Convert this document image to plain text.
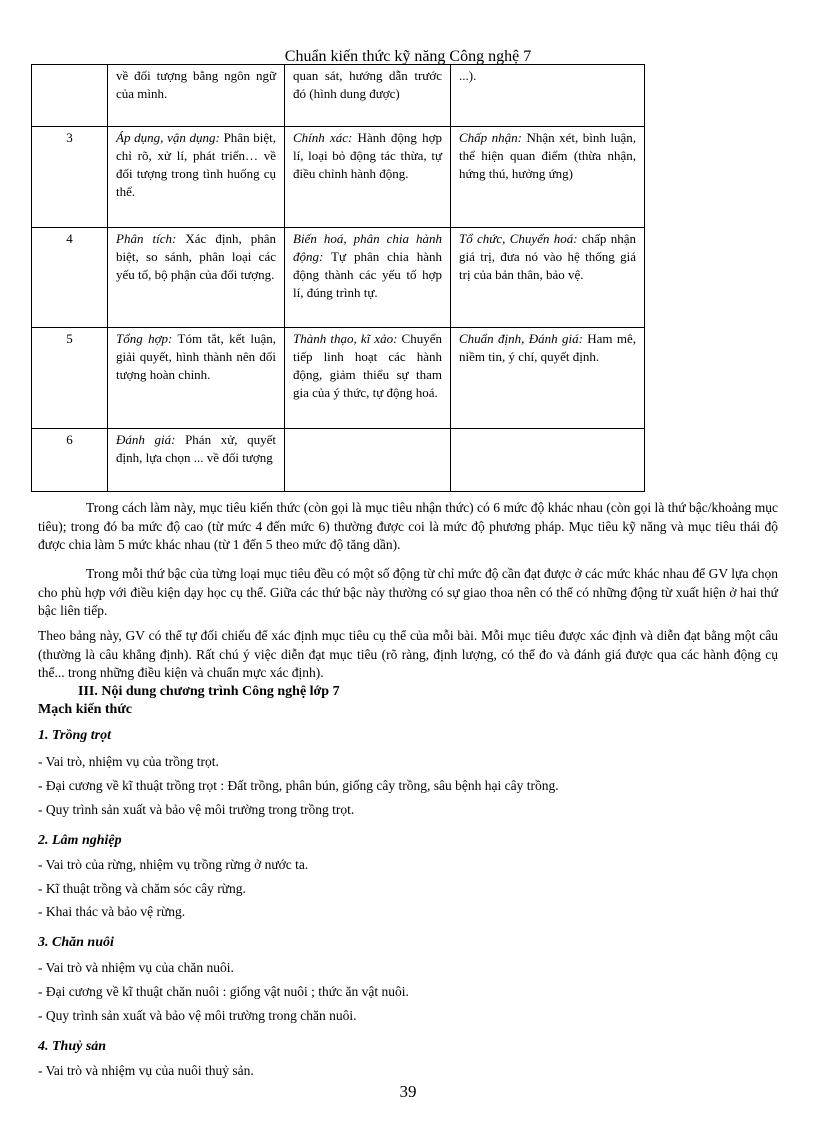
Chuẩn kiến thức kỹ năng Công nghệ 7
	về đối tượng bằng ngôn ngữ của mình.	quan sát, hướng dẫn trước đó (hình dung được)	...).
3	Áp dụng, vận dụng: Phân biệt, chỉ rõ, xử lí, phát triển… về đối tượng trong tình huống cụ thể.	Chính xác: Hành động hợp lí, loại bỏ động tác thừa, tự điều chỉnh hành động.	Chấp nhận: Nhận xét, bình luận, thể hiện quan điểm (thừa nhận, hứng thú, hưởng ứng)
4	Phân tích: Xác định, phân biệt, so sánh, phân loại các yếu tố, bộ phận của đối tượng.	Biến hoá, phân chia hành động: Tự phân chia hành động thành các yếu tố hợp lí, đúng trình tự.	Tổ chức, Chuyển hoá: chấp nhận giá trị, đưa nó vào hệ thống giá trị của bản thân, bảo vệ.
5	Tổng hợp: Tóm tắt, kết luận, giải quyết, hình thành nên đối tượng hoàn chỉnh.	Thành thạo, kĩ xảo: Chuyển tiếp linh hoạt các hành động, giảm thiểu sự tham gia của ý thức, tự động hoá.	Chuẩn định, Đánh giá: Ham mê, niềm tin, ý chí, quyết định.
6	Đánh giá: Phán xử, quyết định, lựa chọn ... về đối tượng		

Trong cách làm này, mục tiêu kiến thức (còn gọi là mục tiêu nhận thức) có 6 mức độ khác nhau (còn gọi là thứ bậc/khoảng mục tiêu); trong đó ba mức độ cao (từ mức 4 đến mức 6) thường được coi là mức độ phương pháp. Mục tiêu kỹ năng và mục tiêu thái độ được chia làm 5 mức khác nhau (từ 1 đến 5 theo mức độ tăng dần).

Trong mỗi thứ bậc của từng loại mục tiêu đều có một số động từ chỉ mức độ cần đạt được ở các mức khác nhau để GV lựa chọn cho phù hợp với điều kiện dạy học cụ thể. Giữa các thứ bậc này thường có sự giao thoa nên có thể có những động từ xuất hiện ở hai thứ bậc liên tiếp.

Theo bảng này, GV có thể tự đối chiếu để xác định mục tiêu cụ thể của mỗi bài. Mỗi mục tiêu được xác định và diễn đạt bằng một câu (thường là câu khẳng định). Rất chú ý việc diễn đạt mục tiêu (rõ ràng, định lượng, có thể đo và đánh giá được qua các hành động cụ thể... trong những điều kiện và chuẩn mực xác định).

III. Nội dung chương trình Công nghệ lớp 7

Mạch kiến thức

1. Trồng trọt

- Vai trò, nhiệm vụ của trồng trọt.

- Đại cương về kĩ thuật trồng trọt : Đất trồng, phân bún, giống cây trồng, sâu bệnh hại cây trồng.

- Quy trình sản xuất và bảo vệ môi trường trong trồng trọt.

2. Lâm nghiệp

- Vai trò của rừng, nhiệm vụ trồng rừng ở nước ta.

- Kĩ thuật trồng và chăm sóc cây rừng.

- Khai thác và bảo vệ rừng.

3. Chăn nuôi

- Vai trò và nhiệm vụ của chăn nuôi.

- Đại cương về kĩ thuật chăn nuôi : giống vật nuôi ; thức ăn vật nuôi.

- Quy trình sản xuất và bảo vệ môi trường trong chăn nuôi.

4. Thuỷ sản

- Vai trò và nhiệm vụ của nuôi thuỷ sản.

39
